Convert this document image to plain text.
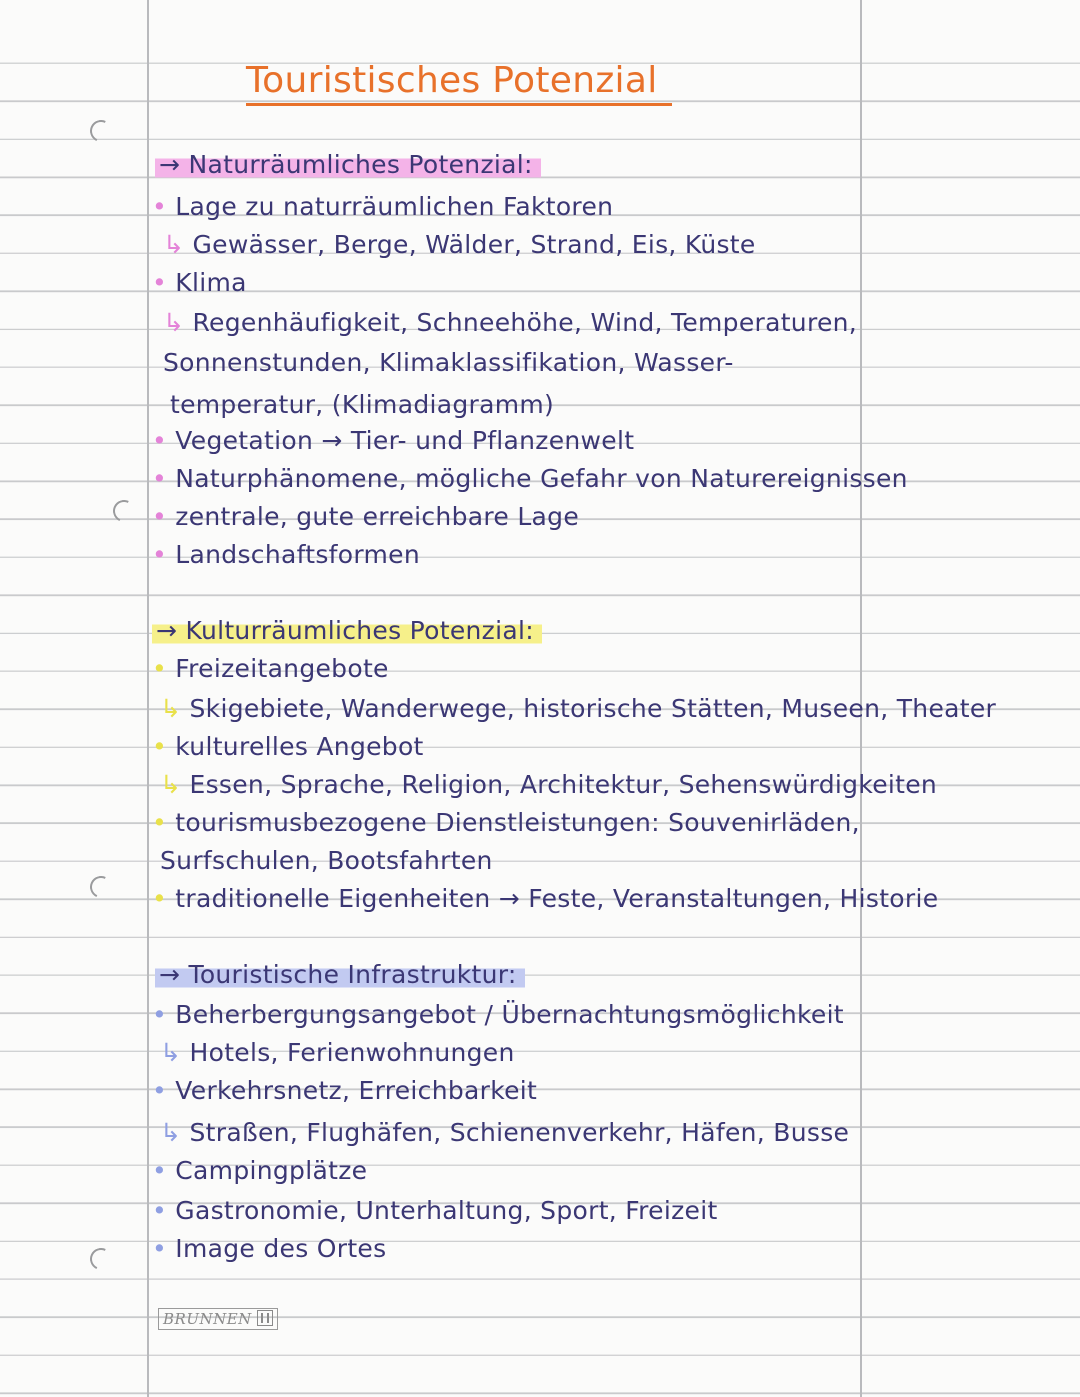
Touristisches Potenzial
→ Naturräumliches Potenzial:
• Lage zu naturräumlichen Faktoren
↳ Gewässer, Berge, Wälder, Strand, Eis, Küste
• Klima
↳ Regenhäufigkeit, Schneehöhe, Wind, Temperaturen,
Sonnenstunden, Klimaklassifikation, Wasser-
temperatur, (Klimadiagramm)
• Vegetation → Tier- und Pflanzenwelt
• Naturphänomene, mögliche Gefahr von Naturereignissen
• zentrale, gute erreichbare Lage
• Landschaftsformen
→ Kulturräumliches Potenzial:
• Freizeitangebote
↳ Skigebiete, Wanderwege, historische Stätten, Museen, Theater
• kulturelles Angebot
↳ Essen, Sprache, Religion, Architektur, Sehenswürdigkeiten
• tourismusbezogene Dienstleistungen: Souvenirläden,
Surfschulen, Bootsfahrten
• traditionelle Eigenheiten → Feste, Veranstaltungen, Historie
→ Touristische Infrastruktur:
• Beherbergungsangebot / Übernachtungsmöglichkeit
↳ Hotels, Ferienwohnungen
• Verkehrsnetz, Erreichbarkeit
↳ Straßen, Flughäfen, Schienenverkehr, Häfen, Busse
• Campingplätze
• Gastronomie, Unterhaltung, Sport, Freizeit
• Image des Ortes
BRUNNEN
